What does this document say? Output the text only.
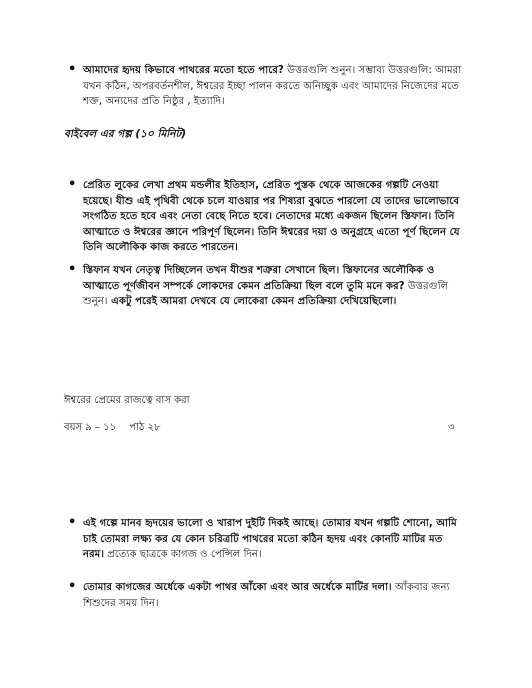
• আমাদের হৃদয় কিভাবে পাথরের মতো হতে পারে? উত্তরগুলি শুনুন। সম্ভাব্য উত্তরগুলি: আমরা যখন কঠিন, অপরবর্তনশীল, ঈশ্বরের ইচ্ছা পালন করতে অনিচ্ছুক এবং আমাদের নিজেদের মতে শক্ত, অন্যদের প্রতি নিষ্ঠুর , ইত্যাদি।
বাইবেল এর গল্প (১০ মিনিট)
• প্রেরিত লুকের লেখা প্রথম মন্ডলীর ইতিহাস, প্রেরিত পুস্তক থেকে আজকের গল্পটি নেওয়া হয়েছে। যীশু এই পৃথিবী থেকে চলে যাওয়ার পর শিষ্যরা বুঝতে পারলো যে তাদের ভালোভাবে সংগঠিত হতে হবে এবং নেতা বেছে নিতে হবে। নেতাদের মধ্যে একজন ছিলেন স্তিফান। তিনি আত্মাতে ও ঈশ্বরের জ্ঞানে পরিপূর্ণ ছিলেন। তিনি ঈশ্বরের দয়া ও অনুগ্রহে এতো পূর্ণ ছিলেন যে তিনি অলৌকিক কাজ করতে পারতেন।
• স্তিফান যখন নেতৃত্ব দিচ্ছিলেন তখন যীশুর শত্রুরা সেখানে ছিল। স্তিফানের অলৌকিক ও আত্মাতে পূর্ণজীবন সম্পর্কে লোকদের কেমন প্রতিক্রিয়া ছিল বলে তুমি মনে কর? উত্তরগুলি শুনুন। একটু পরেই আমরা দেখবে যে লোকেরা কেমন প্রতিক্রিয়া দেখিয়েছিলো।
ঈশ্বরের প্রেমের রাজত্বে বাস করা
বয়স ৯ – ১১ পাঠ ২৮	৩
• এই গল্পে মানব হৃদয়ের ভালো ও খারাপ দুইটি দিকই আছে। তোমার যখন গল্পটি শোনো, আমি চাই তোমরা লক্ষ্য কর যে কোন চরিত্রটি পাথরের মতো কঠিন হৃদয় এবং কোনটি মাটির মত নরম। প্রত্যেক ছাত্রকে কাগজ ও পেন্সিল দিন।
• তোমার কাগজের অর্ধেকে একটা পাথর আঁকো এবং আর অর্ধেকে মাটির দলা। আঁকবার জন্য শিশুদের সময় দিন।
